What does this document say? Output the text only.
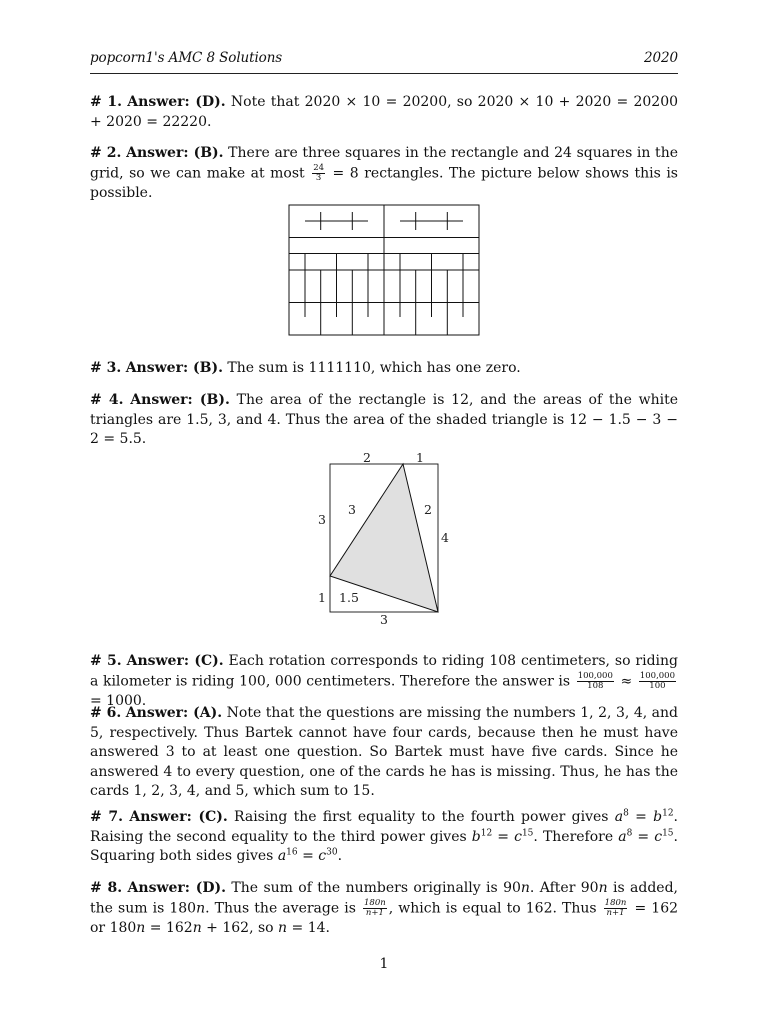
popcorn1's AMC 8 Solutions	2020
# 1. Answer: (D). Note that 2020 × 10 = 20200, so 2020 × 10 + 2020 = 20200 + 2020 = 22220.
# 2. Answer: (B). There are three squares in the rectangle and 24 squares in the grid, so we can make at most $\frac{24}{3} = 8$ rectangles. The picture below shows this is possible.
# 3. Answer: (B). The sum is 1111110, which has one zero.
# 4. Answer: (B). The area of the rectangle is 12, and the areas of the white triangles are 1.5, 3, and 4. Thus the area of the shaded triangle is 12 − 1.5 − 3 − 2 = 5.5.
2	1
3
4
1
3
3	2
1.5
# 5. Answer: (C). Each rotation corresponds to riding 108 centimeters, so riding a kilometer is riding 100, 000 centimeters. Therefore the answer is $\frac{100,000}{108} \approx \frac{100,000}{100}$
= 1000.
# 6. Answer: (A). Note that the questions are missing the numbers 1, 2, 3, 4, and 5, respectively. Thus Bartek cannot have four cards, because then he must have answered 3 to at least one question. So Bartek must have five cards. Since he answered 4 to every question, one of the cards he has is missing. Thus, he has the cards 1, 2, 3, 4, and 5, which sum to 15.
# 7. Answer: (C). Raising the first equality to the fourth power gives $a^8 = b^{12}$. Raising the second equality to the third power gives $b^{12} = c^{15}$. Therefore $a^8 = c^{15}$. Squaring both sides gives $a^{16} = c^{30}$.
# 8. Answer: (D). The sum of the numbers originally is 90n. After 90n is added, the sum is 180n. Thus the average is $\frac{180n}{n+1}$ , which is equal to 162. Thus $\frac{180n}{n+1} = 162$ or 180n = 162n + 162, so n = 14.
1
